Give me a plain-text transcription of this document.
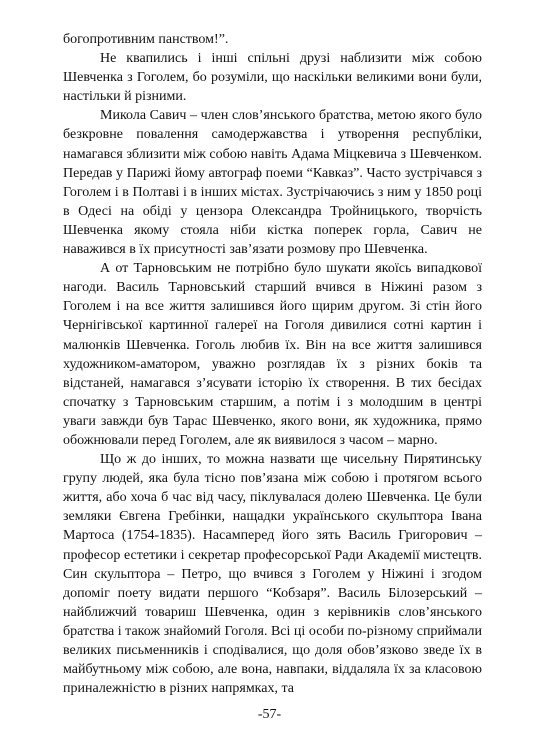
богопротивним панством!”.

Не квапились і інші спільні друзі наблизити між собою Шевченка з Гоголем, бо розуміли, що наскільки великими вони були, настільки й різними.

Микола Савич – член слов’янського братства, метою якого було безкровне повалення самодержавства і утворення республіки, намагався зблизити між собою навіть Адама Міцкевича з Шевченком. Передав у Парижі йому автограф поеми “Кавказ”. Часто зустрічався з Гоголем і в Полтаві і в інших містах. Зустрічаючись з ним у 1850 році в Одесі на обіді у цензора Олександра Тройницького, творчість Шевченка якому стояла ніби кістка поперек горла, Савич не наважився в їх присутності зав’язати розмову про Шевченка.

А от Тарновським не потрібно було шукати якоїсь випадкової нагоди. Василь Тарновський старший вчився в Ніжині разом з Гоголем і на все життя залишився його щирим другом. Зі стін його Чернігівської картинної галереї на Гоголя дивилися сотні картин і малюнків Шевченка. Гоголь любив їх. Він на все життя залишився художником-аматором, уважно розглядав їх з різних боків та відстаней, намагався з’ясувати історію їх створення. В тих бесідах спочатку з Тарновським старшим, а потім і з молодшим в центрі уваги завжди був Тарас Шевченко, якого вони, як художника, прямо обожнювали перед Гоголем, але як виявилося з часом – марно.

Що ж до інших, то можна назвати ще чисельну Пирятинську групу людей, яка була тісно пов’язана між собою і протягом всього життя, або хоча б час від часу, піклувалася долею Шевченка. Це були земляки Євгена Гребінки, нащадки українського скульптора Івана Мартоса (1754-1835). Насамперед його зять Василь Григорович – професор естетики і секретар професорської Ради Академії мистецтв. Син скульптора – Петро, що вчився з Гоголем у Ніжині і згодом допоміг поету видати першого “Кобзаря”. Василь Білозерський – найближчий товариш Шевченка, один з керівників слов’янського братства і також знайомий Гоголя. Всі ці особи по-різному сприймали великих письменників і сподівалися, що доля обов’язково зведе їх в майбутньому між собою, але вона, навпаки, віддаляла їх за класовою приналежністю в різних напрямках, та

-57-
